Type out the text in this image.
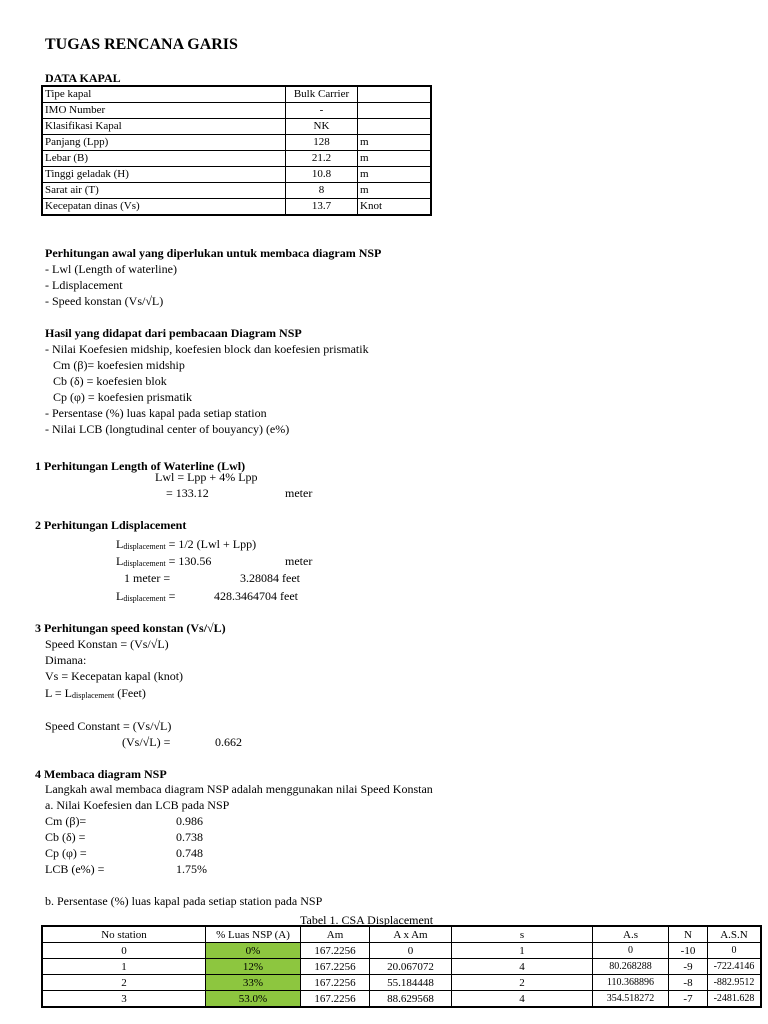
TUGAS RENCANA GARIS
DATA KAPAL
Tipe kapal	Bulk Carrier	
IMO Number	-	
Klasifikasi Kapal	NK	
Panjang (Lpp)	128	m
Lebar (B)	21.2	m
Tinggi geladak (H)	10.8	m
Sarat air (T)	8	m
Kecepatan dinas (Vs)	13.7	Knot
Perhitungan awal yang diperlukan untuk membaca diagram NSP
- Lwl (Length of waterline)
- Ldisplacement
- Speed konstan (Vs/√L)
Hasil yang didapat dari pembacaan Diagram NSP
- Nilai Koefesien midship, koefesien block dan koefesien prismatik
Cm (β)= koefesien midship
Cb (δ) = koefesien blok
Cp (φ) = koefesien prismatik
- Persentase (%) luas kapal pada setiap station
- Nilai LCB (longtudinal center of bouyancy) (e%)
1 Perhitungan Length of Waterline (Lwl)
Lwl = Lpp + 4% Lpp
= 133.12	meter
2 Perhitungan Ldisplacement
Ldisplacement = 1/2 (Lwl + Lpp)
Ldisplacement = 130.56	meter
1 meter =	3.28084 feet
Ldisplacement =	428.3464704 feet
3 Perhitungan speed konstan (Vs/√L)
Speed Konstan = (Vs/√L)
Dimana:
Vs = Kecepatan kapal (knot)
L = Ldisplacement (Feet)
Speed Constant = (Vs/√L)
(Vs/√L) =	0.662
4 Membaca diagram NSP
Langkah awal membaca diagram NSP adalah menggunakan nilai Speed Konstan
a. Nilai Koefesien dan LCB pada NSP
Cm (β)=	0.986
Cb (δ) =	0.738
Cp (φ) =	0.748
LCB (e%) =	1.75%
b. Persentase (%) luas kapal pada setiap station pada NSP
Tabel 1. CSA Displacement
No station	% Luas NSP (A)	Am	A x Am	s	A.s	N	A.S.N
0	0%	167.2256	0	1	0	-10	0
1	12%	167.2256	20.067072	4	80.268288	-9	-722.4146
2	33%	167.2256	55.184448	2	110.368896	-8	-882.9512
3	53.0%	167.2256	88.629568	4	354.518272	-7	-2481.628
